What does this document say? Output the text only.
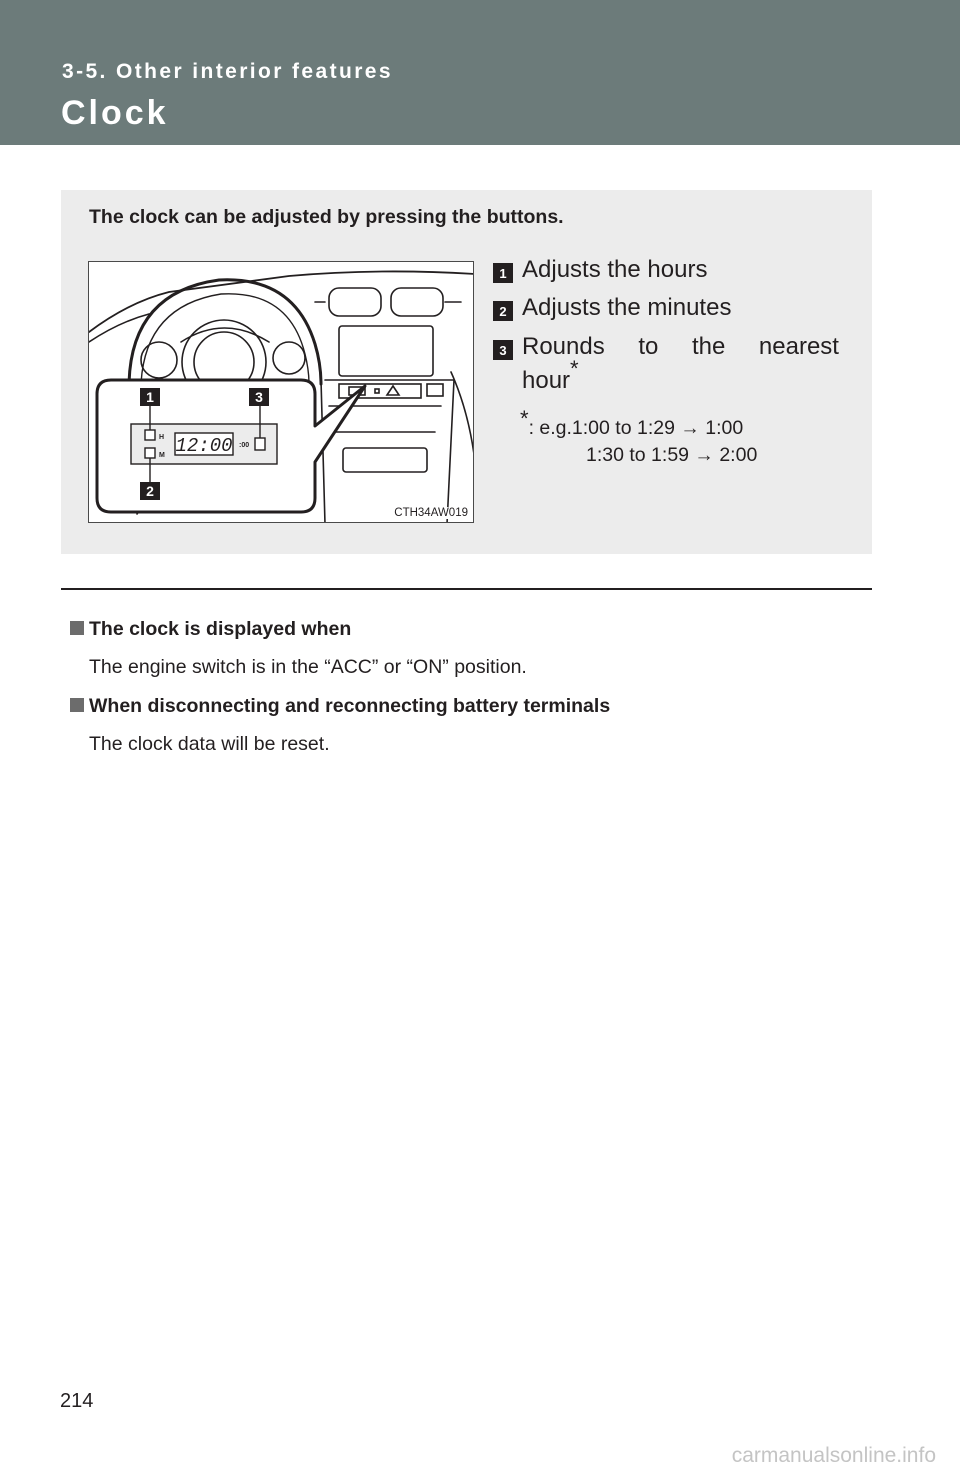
3-5. Other interior features
Clock
The clock can be adjusted by pressing the buttons.
H
M 12:00 :00
1	3
2
CTH34AW019
1 Adjusts the hours
2 Adjusts the minutes
3 Rounds to the nearest
hour*
*: e.g.1:00 to 1:29 → 1:00
1:30 to 1:59 → 2:00
The clock is displayed when
The engine switch is in the “ACC” or “ON” position.
When disconnecting and reconnecting battery terminals
The clock data will be reset.
214
carmanualsonline.info
